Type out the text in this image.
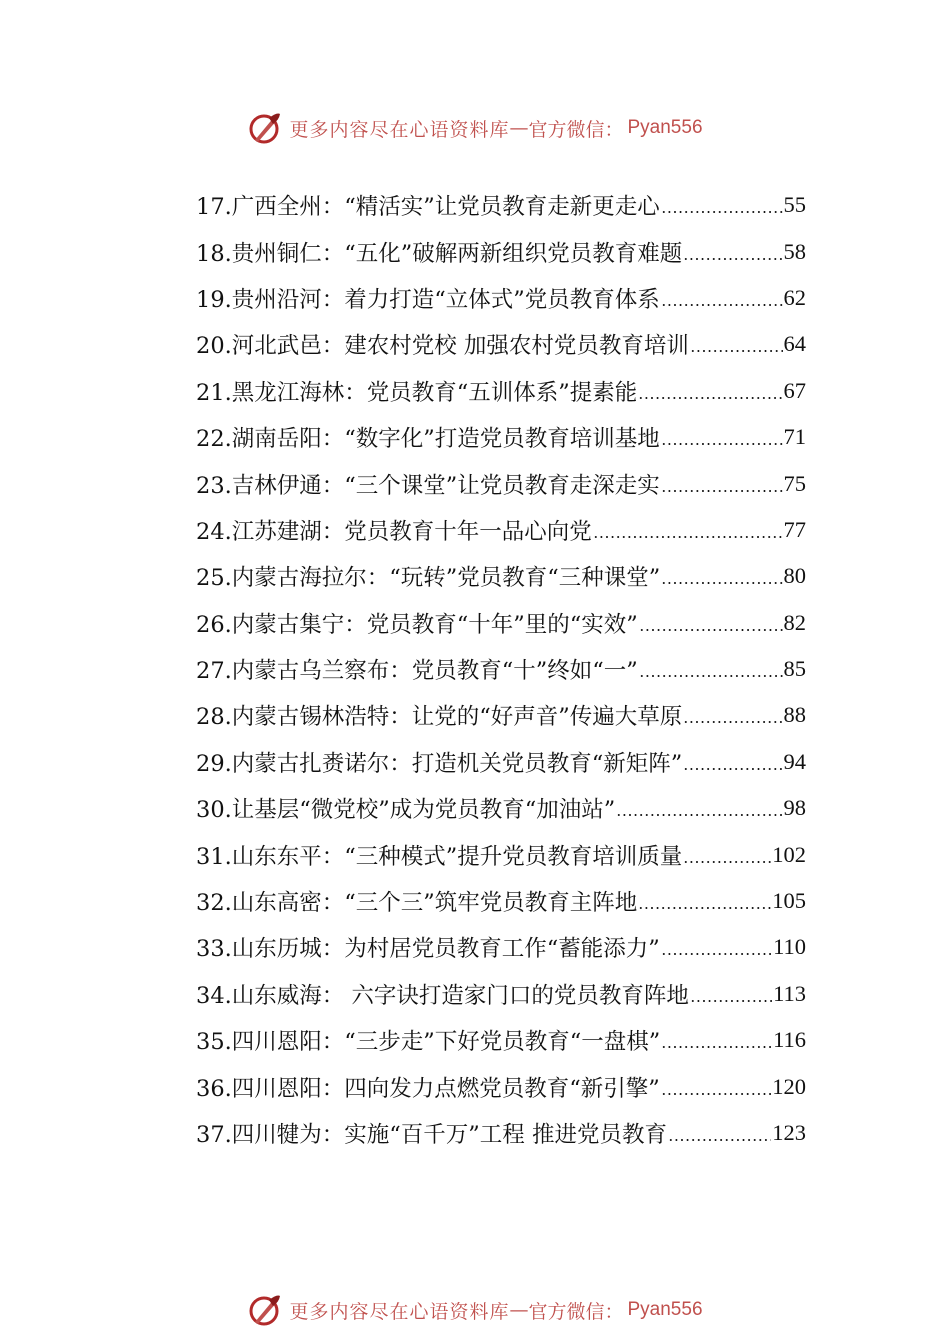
更多内容尽在心语资料库 — 官方微信： Pyan556
17.广西全州：“精活实”让党员教育走新更走心	55
18.贵州铜仁：“五化”破解两新组织党员教育难题	58
19.贵州沿河：着力打造“立体式”党员教育体系	62
20.河北武邑：建农村党校 加强农村党员教育培训	64
21.黑龙江海林：党员教育“五训体系”提素能	67
22.湖南岳阳：“数字化”打造党员教育培训基地	71
23.吉林伊通：“三个课堂”让党员教育走深走实	75
24.江苏建湖：党员教育十年一品心向党	77
25.内蒙古海拉尔：“玩转”党员教育“三种课堂”	80
26.内蒙古集宁：党员教育“十年”里的“实效”	82
27.内蒙古乌兰察布：党员教育“十”终如“一”	85
28.内蒙古锡林浩特：让党的“好声音”传遍大草原	88
29.内蒙古扎赉诺尔：打造机关党员教育“新矩阵”	94
30.让基层“微党校”成为党员教育“加油站”	98
31.山东东平：“三种模式”提升党员教育培训质量	102
32.山东高密：“三个三”筑牢党员教育主阵地	105
33.山东历城：为村居党员教育工作“蓄能添力”	110
34.山东威海： 六字诀打造家门口的党员教育阵地	113
35.四川恩阳：“三步走”下好党员教育“一盘棋”	116
36.四川恩阳：四向发力点燃党员教育“新引擎”	120
37.四川犍为：实施“百千万”工程 推进党员教育	123
更多内容尽在心语资料库 — 官方微信： Pyan556
